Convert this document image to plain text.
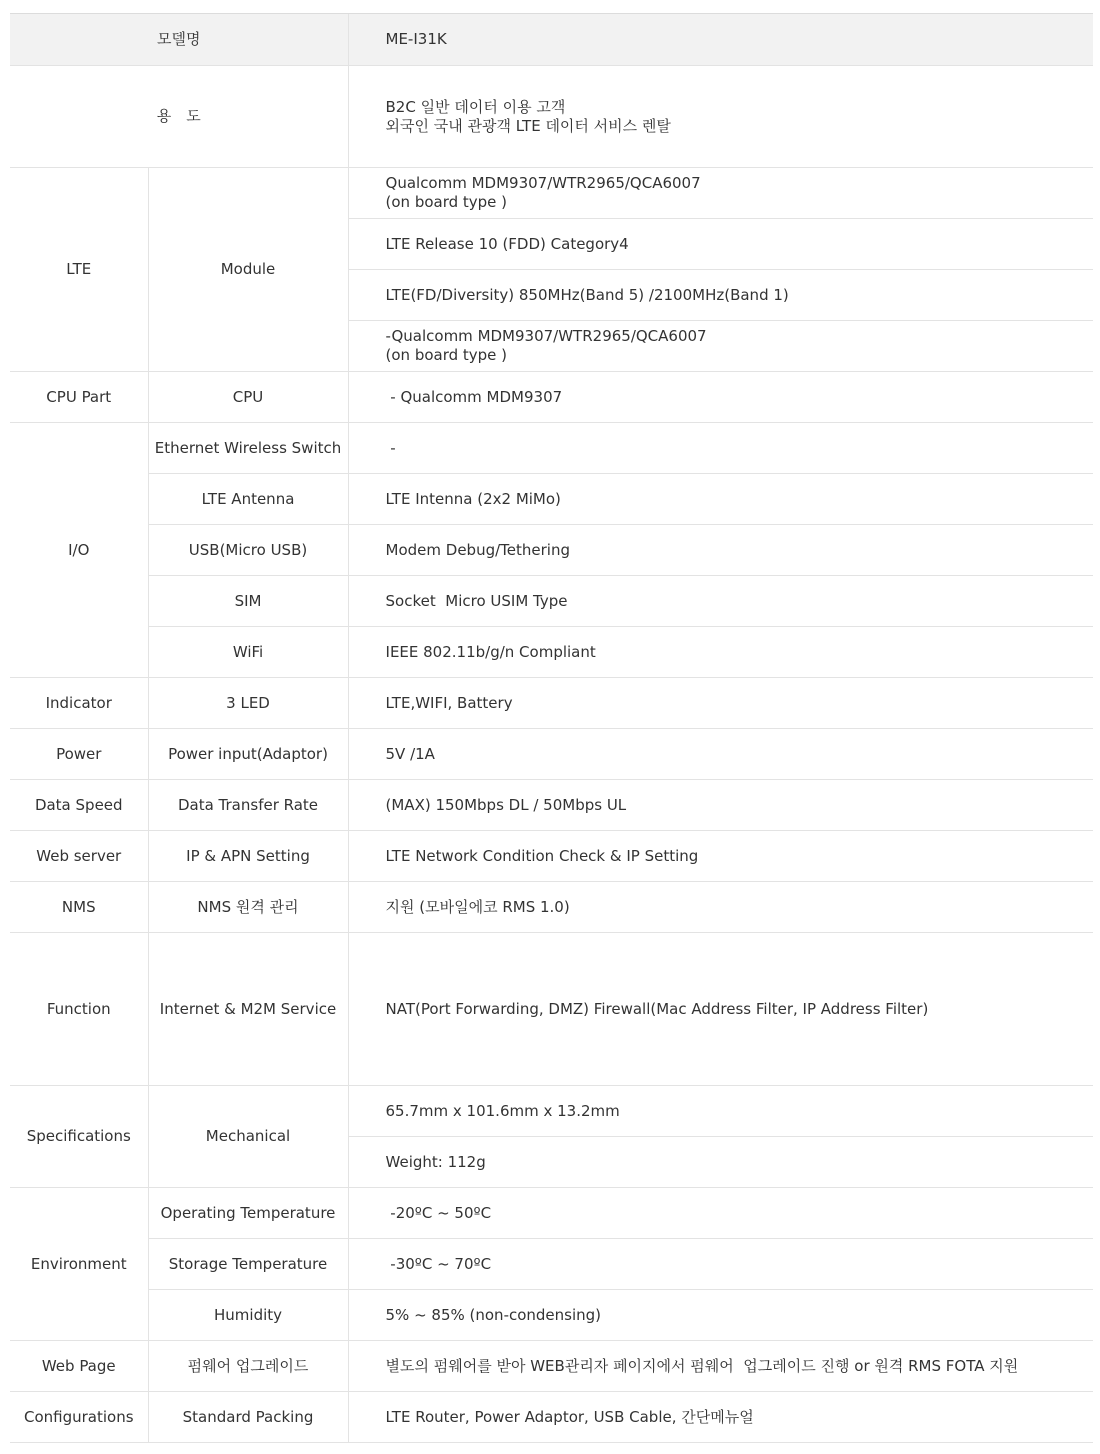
모델명		ME-I31K
용　도		B2C 일반 데이터 이용 고객
외국인 국내 관광객 LTE 데이터 서비스 렌탈

LTE	Module	Qualcomm MDM9307/WTR2965/QCA6007
(on board type )

		LTE Release 10 (FDD) Category4

		LTE(FD/Diversity) 850MHz(Band 5) /2100MHz(Band 1)

		-Qualcomm MDM9307/WTR2965/QCA6007
(on board type )

CPU Part	CPU	- Qualcomm MDM9307

I/O	Ethernet Wireless Switch	-

	LTE Antenna	LTE Intenna (2x2 MiMo)

	USB(Micro USB)	Modem Debug/Tethering

	SIM	Socket  Micro USIM Type

	WiFi	IEEE 802.11b/g/n Compliant

Indicator	3 LED	LTE,WIFI, Battery

Power	Power input(Adaptor)	5V /1A

Data Speed	Data Transfer Rate	(MAX) 150Mbps DL / 50Mbps UL

Web server	IP & APN Setting	LTE Network Condition Check & IP Setting

NMS	NMS 원격 관리	지원 (모바일에코 RMS 1.0)

Function	Internet & M2M Service	NAT(Port Forwarding, DMZ) Firewall(Mac Address Filter, IP Address Filter)

Specifications	Mechanical	65.7mm x 101.6mm x 13.2mm

		Weight: 112g

Environment	Operating Temperature	-20ºC ~ 50ºC

	Storage Temperature	-30ºC ~ 70ºC

	Humidity	5% ~ 85% (non-condensing)

Web Page	펌웨어 업그레이드	별도의 펌웨어를 받아 WEB관리자 페이지에서 펌웨어  업그레이드 진행 or 원격 RMS FOTA 지원

Configurations	Standard Packing	LTE Router, Power Adaptor, USB Cable, 간단메뉴얼
